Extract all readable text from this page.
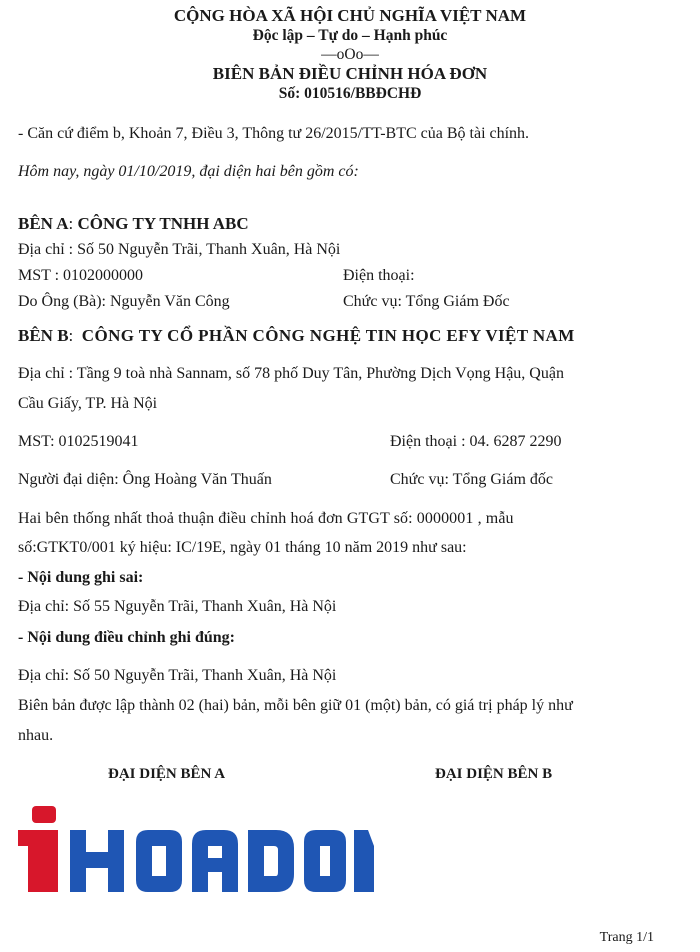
CỘNG HÒA XÃ HỘI CHỦ NGHĨA VIỆT NAM
Độc lập – Tự do – Hạnh phúc
—oOo—
BIÊN BẢN ĐIỀU CHỈNH HÓA ĐƠN
Số: 010516/BBĐCHĐ
- Căn cứ điểm b, Khoản 7, Điều 3, Thông tư 26/2015/TT-BTC của Bộ tài chính.
Hôm nay, ngày 01/10/2019, đại diện hai bên gồm có:
BÊN A: CÔNG TY TNHH ABC
Địa chỉ : Số 50 Nguyễn Trãi, Thanh Xuân, Hà Nội
MST : 0102000000	Điện thoại:
Do Ông (Bà): Nguyễn Văn Công	Chức vụ: Tổng Giám Đốc
BÊN B:  CÔNG TY CỔ PHẦN CÔNG NGHỆ TIN HỌC EFY VIỆT NAM
Địa chỉ : Tầng 9 toà nhà Sannam, số 78 phố Duy Tân, Phường Dịch Vọng Hậu, Quận
Cầu Giấy, TP. Hà Nội
MST: 0102519041	Điện thoại : 04. 6287 2290
Người đại diện: Ông Hoàng Văn Thuấn	Chức vụ: Tổng Giám đốc
Hai bên thống nhất thoả thuận điều chỉnh hoá đơn GTGT số: 0000001 , mẫu
số:GTKT0/001 ký hiệu: IC/19E, ngày 01 tháng 10 năm 2019 như sau:
- Nội dung ghi sai:
Địa chỉ: Số 55 Nguyễn Trãi, Thanh Xuân, Hà Nội
- Nội dung điều chỉnh ghi đúng:
Địa chỉ: Số 50 Nguyễn Trãi, Thanh Xuân, Hà Nội
Biên bản được lập thành 02 (hai) bản, mỗi bên giữ 01 (một) bản, có giá trị pháp lý như
nhau.
ĐẠI DIỆN BÊN A	ĐẠI DIỆN BÊN B
Trang 1/1
